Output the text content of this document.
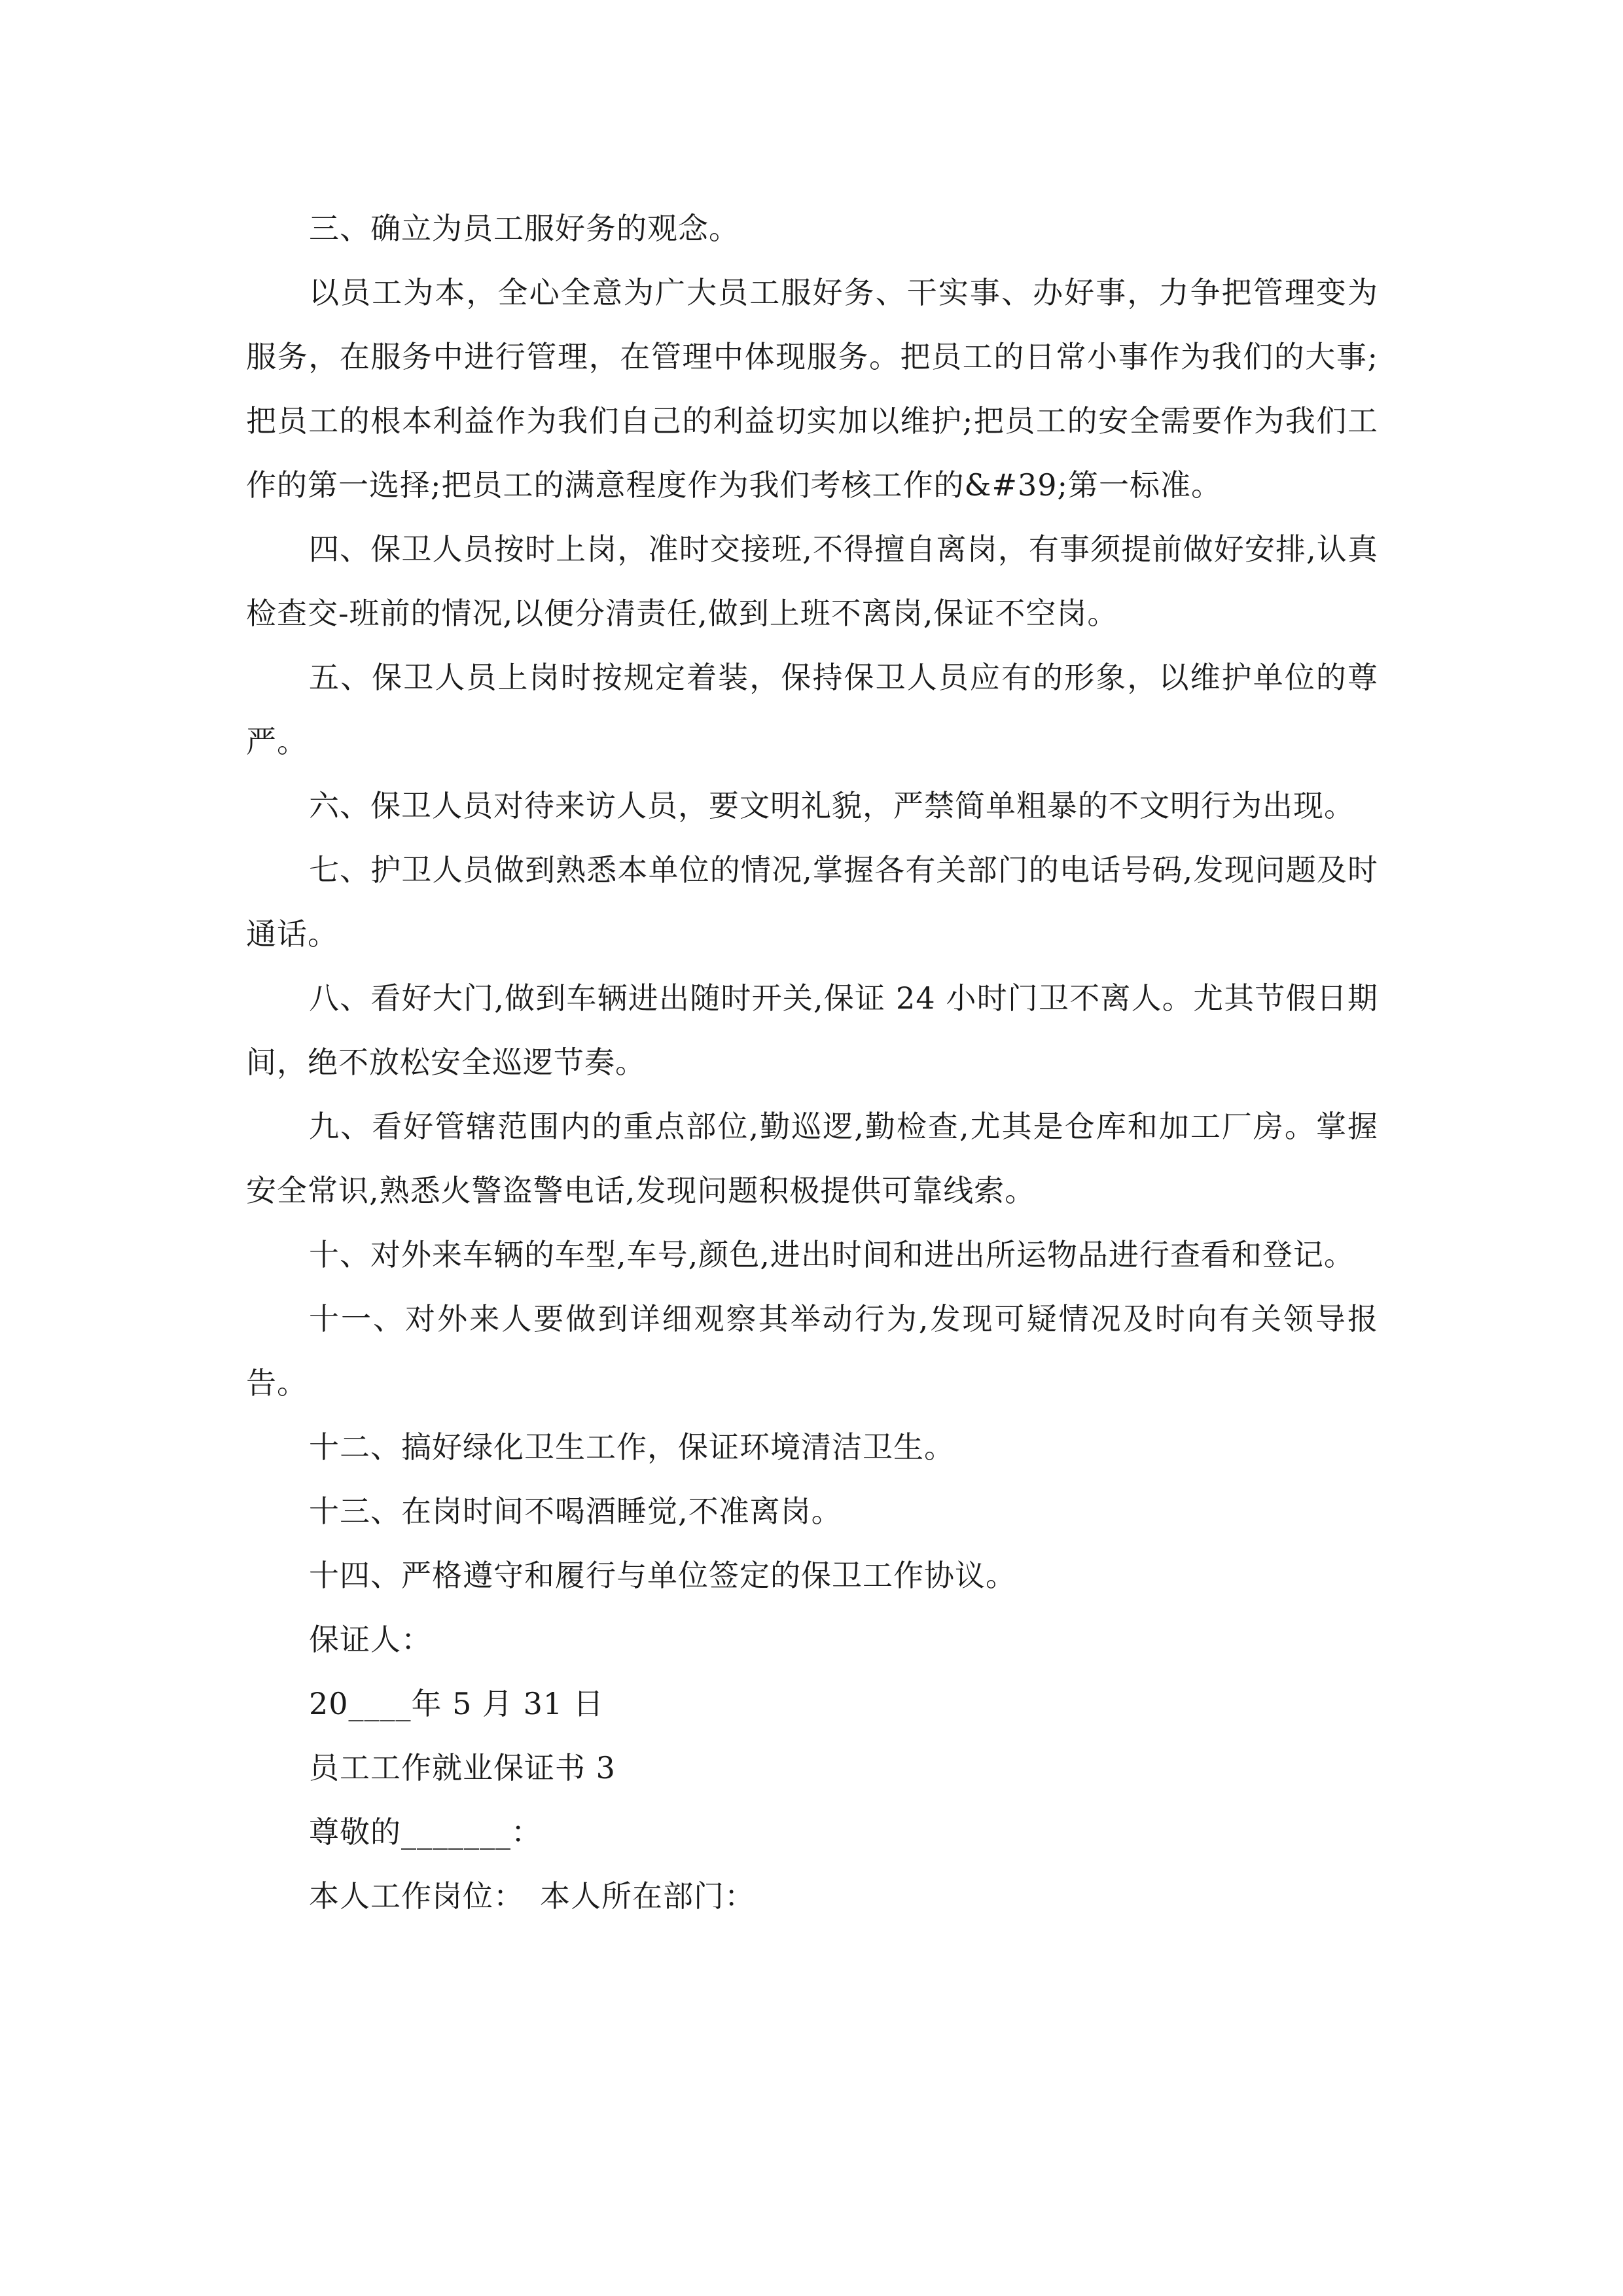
三、确立为员工服好务的观念。

以员工为本，全心全意为广大员工服好务、干实事、办好事，力争把管理变为服务，在服务中进行管理，在管理中体现服务。把员工的日常小事作为我们的大事;把员工的根本利益作为我们自己的利益切实加以维护;把员工的安全需要作为我们工作的第一选择;把员工的满意程度作为我们考核工作的&#39;第一标准。

四、保卫人员按时上岗，准时交接班,不得擅自离岗，有事须提前做好安排,认真检查交-班前的情况,以便分清责任,做到上班不离岗,保证不空岗。

五、保卫人员上岗时按规定着装，保持保卫人员应有的形象，以维护单位的尊严。

六、保卫人员对待来访人员，要文明礼貌，严禁简单粗暴的不文明行为出现。

七、护卫人员做到熟悉本单位的情况,掌握各有关部门的电话号码,发现问题及时通话。

八、看好大门,做到车辆进出随时开关,保证 24 小时门卫不离人。尤其节假日期间，绝不放松安全巡逻节奏。

九、看好管辖范围内的重点部位,勤巡逻,勤检查,尤其是仓库和加工厂房。掌握安全常识,熟悉火警盗警电话,发现问题积极提供可靠线索。

十、对外来车辆的车型,车号,颜色,进出时间和进出所运物品进行查看和登记。

十一、对外来人要做到详细观察其举动行为,发现可疑情况及时向有关领导报告。

十二、搞好绿化卫生工作，保证环境清洁卫生。

十三、在岗时间不喝酒睡觉,不准离岗。

十四、严格遵守和履行与单位签定的保卫工作协议。

保证人：

20____年 5 月 31 日

员工工作就业保证书 3

尊敬的_______：

本人工作岗位：　本人所在部门：
